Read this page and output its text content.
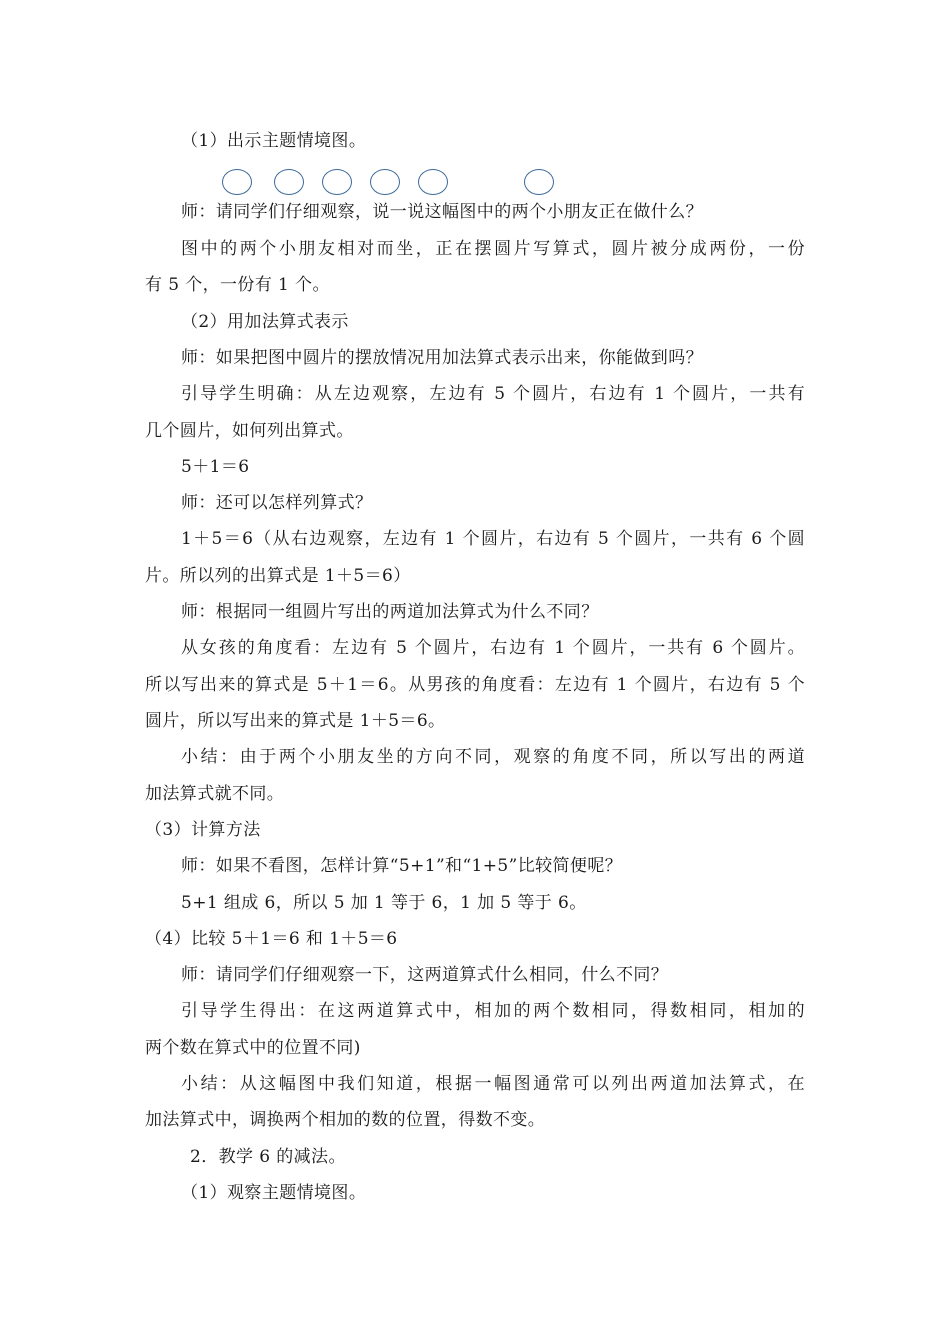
（1）出示主题情境图。

师：请同学们仔细观察，说一说这幅图中的两个小朋友正在做什么？

图中的两个小朋友相对而坐，正在摆圆片写算式，圆片被分成两份，一份

有 5 个，一份有 1 个。

（2）用加法算式表示

师：如果把图中圆片的摆放情况用加法算式表示出来，你能做到吗？

引导学生明确：从左边观察，左边有 5 个圆片，右边有 1 个圆片，一共有

几个圆片，如何列出算式。

5＋1＝6

师：还可以怎样列算式？

1＋5＝6（从右边观察，左边有 1 个圆片，右边有 5 个圆片，一共有 6 个圆

片。所以列的出算式是 1＋5＝6）

师：根据同一组圆片写出的两道加法算式为什么不同？

从女孩的角度看：左边有 5 个圆片，右边有 1 个圆片，一共有 6 个圆片。

所以写出来的算式是 5＋1＝6。从男孩的角度看：左边有 1 个圆片，右边有 5 个

圆片，所以写出来的算式是 1＋5＝6。

小结：由于两个小朋友坐的方向不同，观察的角度不同，所以写出的两道

加法算式就不同。

（3）计算方法

师：如果不看图，怎样计算“5+1”和“1+5”比较简便呢？

5+1 组成 6，所以 5 加 1 等于 6，1 加 5 等于 6。

（4）比较 5＋1＝6 和 1＋5＝6

师：请同学们仔细观察一下，这两道算式什么相同，什么不同？

引导学生得出：在这两道算式中，相加的两个数相同，得数相同，相加的

两个数在算式中的位置不同)

小结：从这幅图中我们知道，根据一幅图通常可以列出两道加法算式，在

加法算式中，调换两个相加的数的位置，得数不变。

2．教学 6 的减法。

（1）观察主题情境图。
